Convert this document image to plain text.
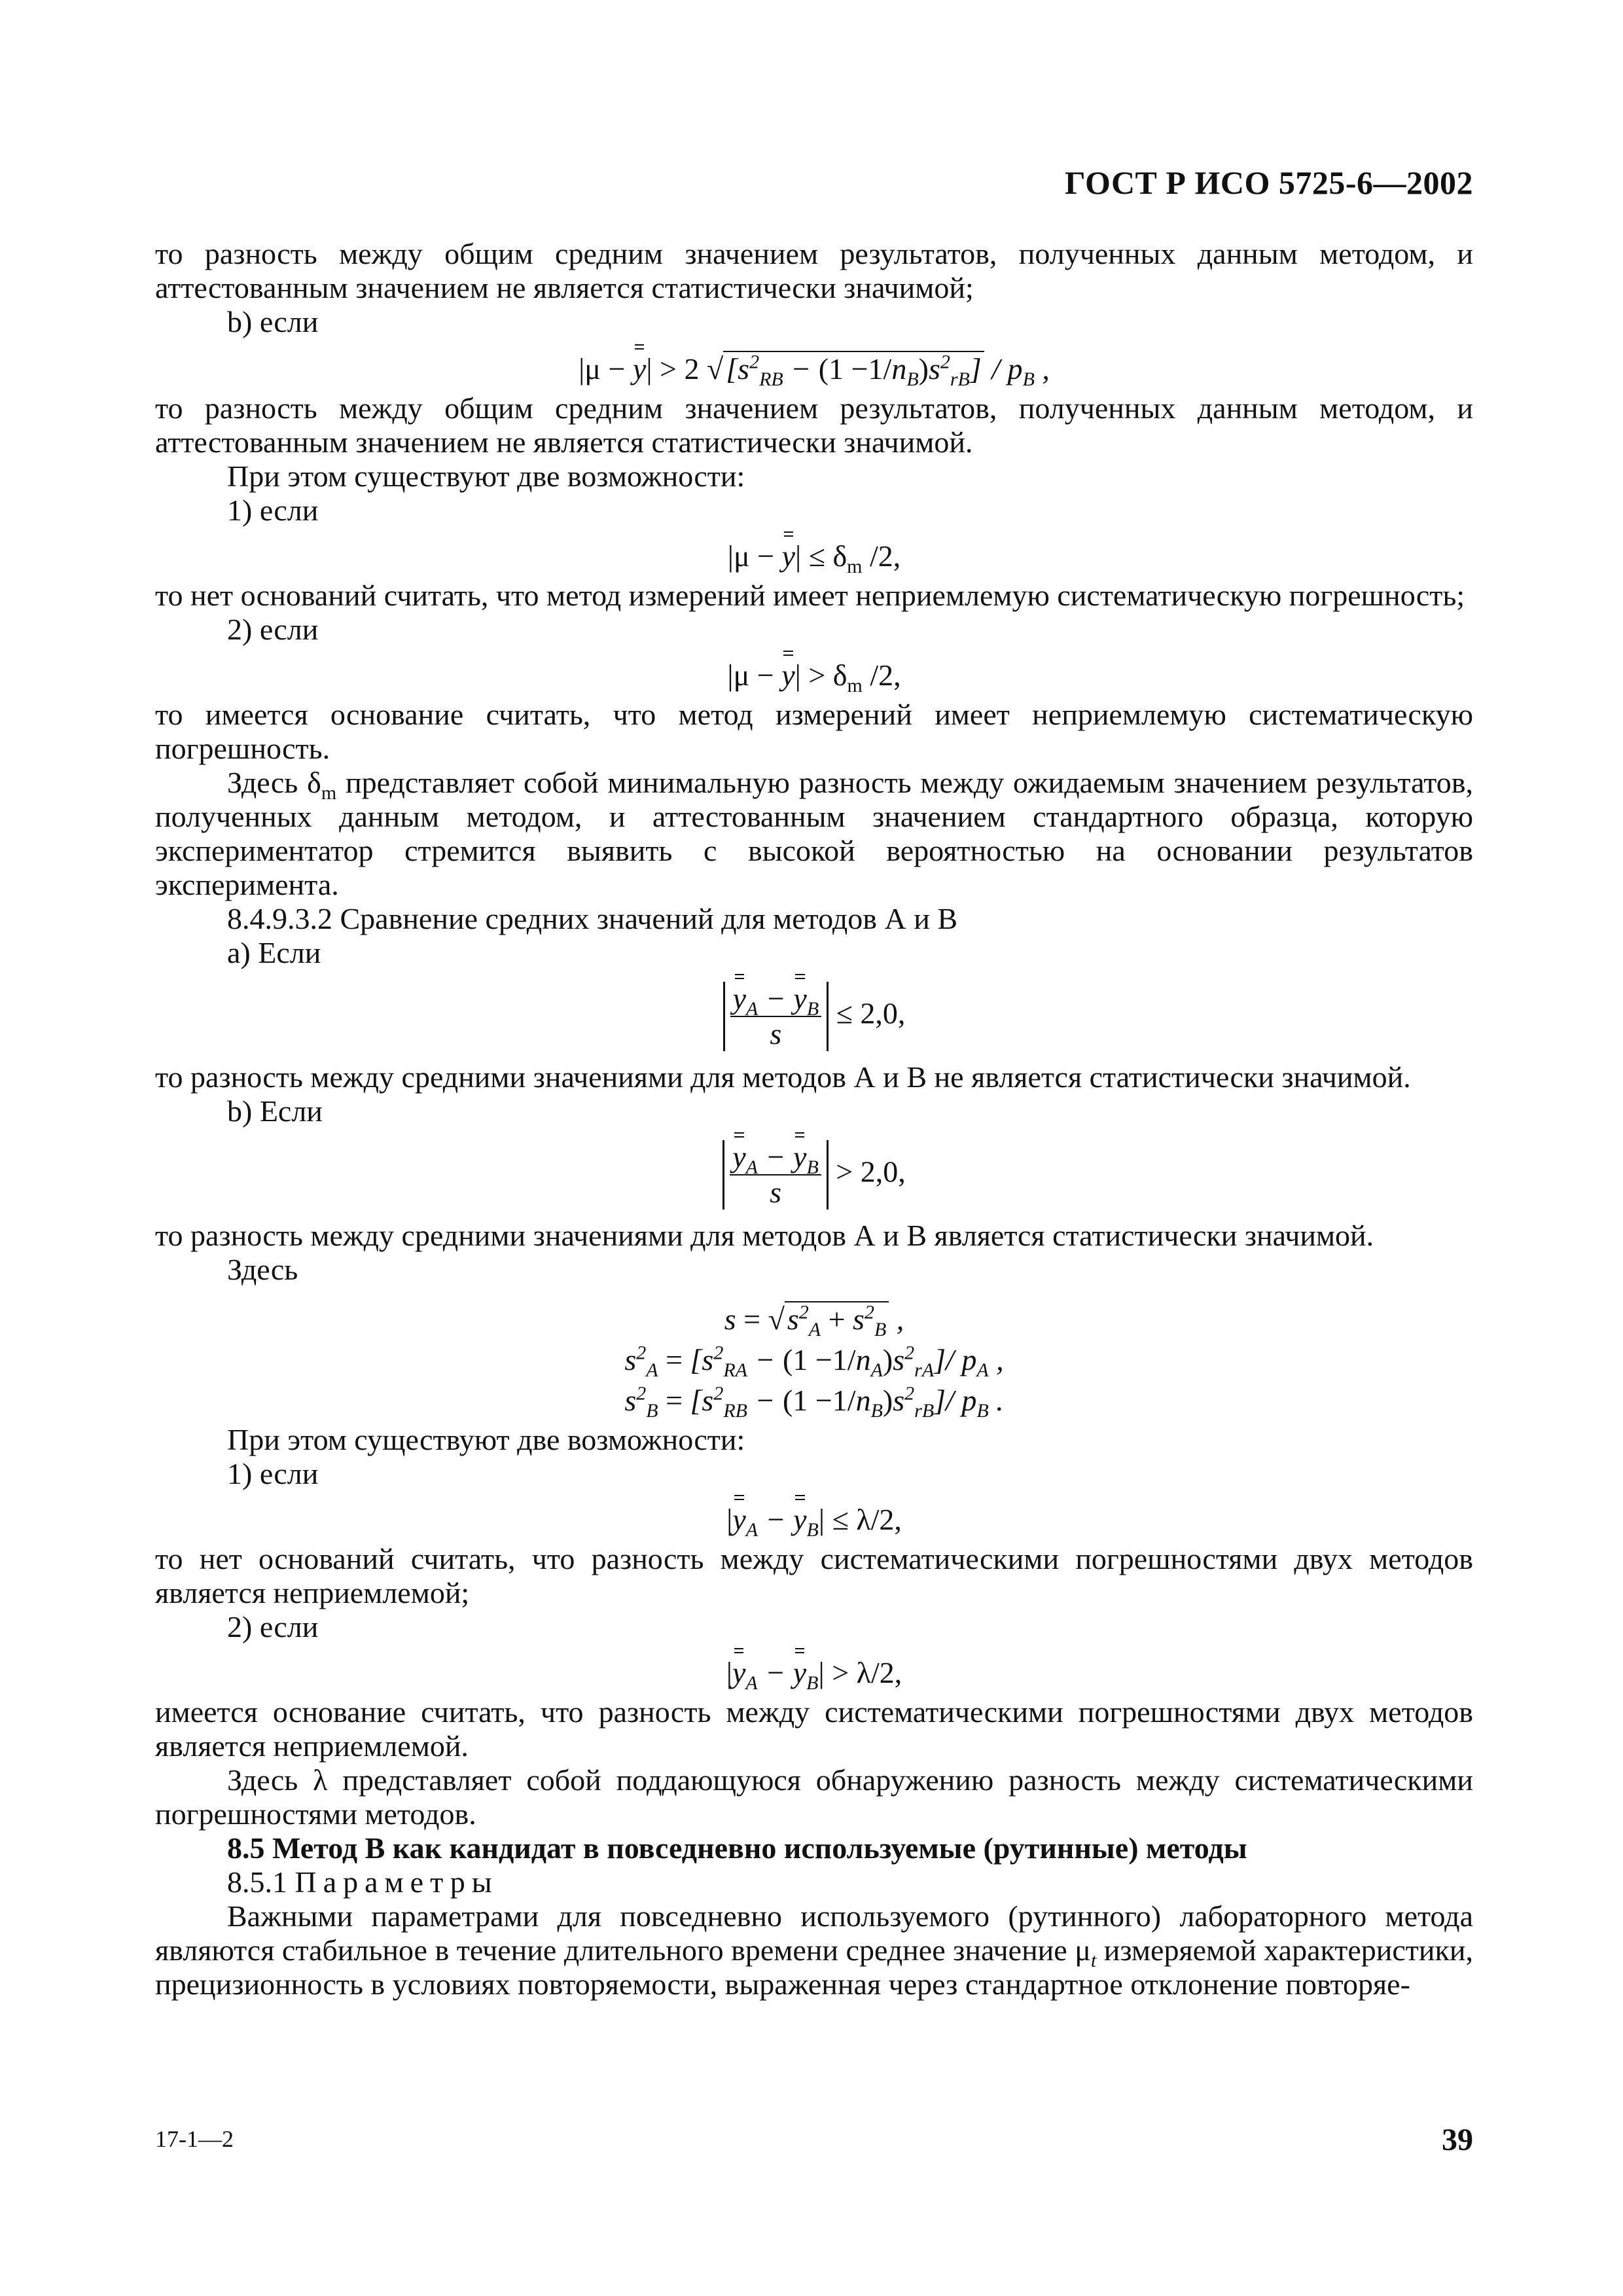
ГОСТ Р ИСО 5725-6—2002

то разность между общим средним значением результатов, полученных данным методом, и аттестованным значением не является статистически значимой;

b) если

|μ − y| > 2 $√[s^2_{RB} - (1 -1/n_B)s^2_{rB}] / p_B$ ,

то разность между общим средним значением результатов, полученных данным методом, и аттестованным значением не является статистически значимой.

При этом существуют две возможности:

1) если

$|\mu - y| \le \delta_m$ /2,

то нет оснований считать, что метод измерений имеет неприемлемую систематическую погрешность;

2) если

$|\mu - y| > \delta_m$ /2,

то имеется основание считать, что метод измерений имеет неприемлемую систематическую погрешность.

Здесь $\delta_m$ представляет собой минимальную разность между ожидаемым значением результатов, полученных данным методом, и аттестованным значением стандартного образца, которую экспериментатор стремится выявить с высокой вероятностью на основании результатов эксперимента.

8.4.9.3.2 Сравнение средних значений для методов А и В

а) Если

$\frac{y_A - y_B}{s} \le 2,0$,

то разность между средними значениями для методов А и В не является статистически значимой.

b) Если

$\frac{y_A - y_B}{s} > 2,0$,

то разность между средними значениями для методов А и В является статистически значимой.

Здесь

$s = √s^2_A + s^2_B$ ,
$s^2_A = [s^2_{RA} - (1 -1/n_A)s^2_{rA}]/$ $p_A$ ,
$s^2_B = [s^2_{RB} - (1 -1/n_B)s^2_{rB}]/$ $p_B$ .

При этом существуют две возможности:

1) если

$|y_A - y_B| \le \lambda/2$,

то нет оснований считать, что разность между систематическими погрешностями двух методов является неприемлемой;

2) если

$|y_A - y_B| > \lambda/2$,

имеется основание считать, что разность между систематическими погрешностями двух методов является неприемлемой.

Здесь λ представляет собой поддающуюся обнаружению разность между систематическими погрешностями методов.

8.5 Метод В как кандидат в повседневно используемые (рутинные) методы

8.5.1 Параметры

Важными параметрами для повседневно используемого (рутинного) лабораторного метода являются стабильное в течение длительного времени среднее значение $\mu_t$ измеряемой характеристики, прецизионность в условиях повторяемости, выраженная через стандартное отклонение повторяе-

17-1—2	39
